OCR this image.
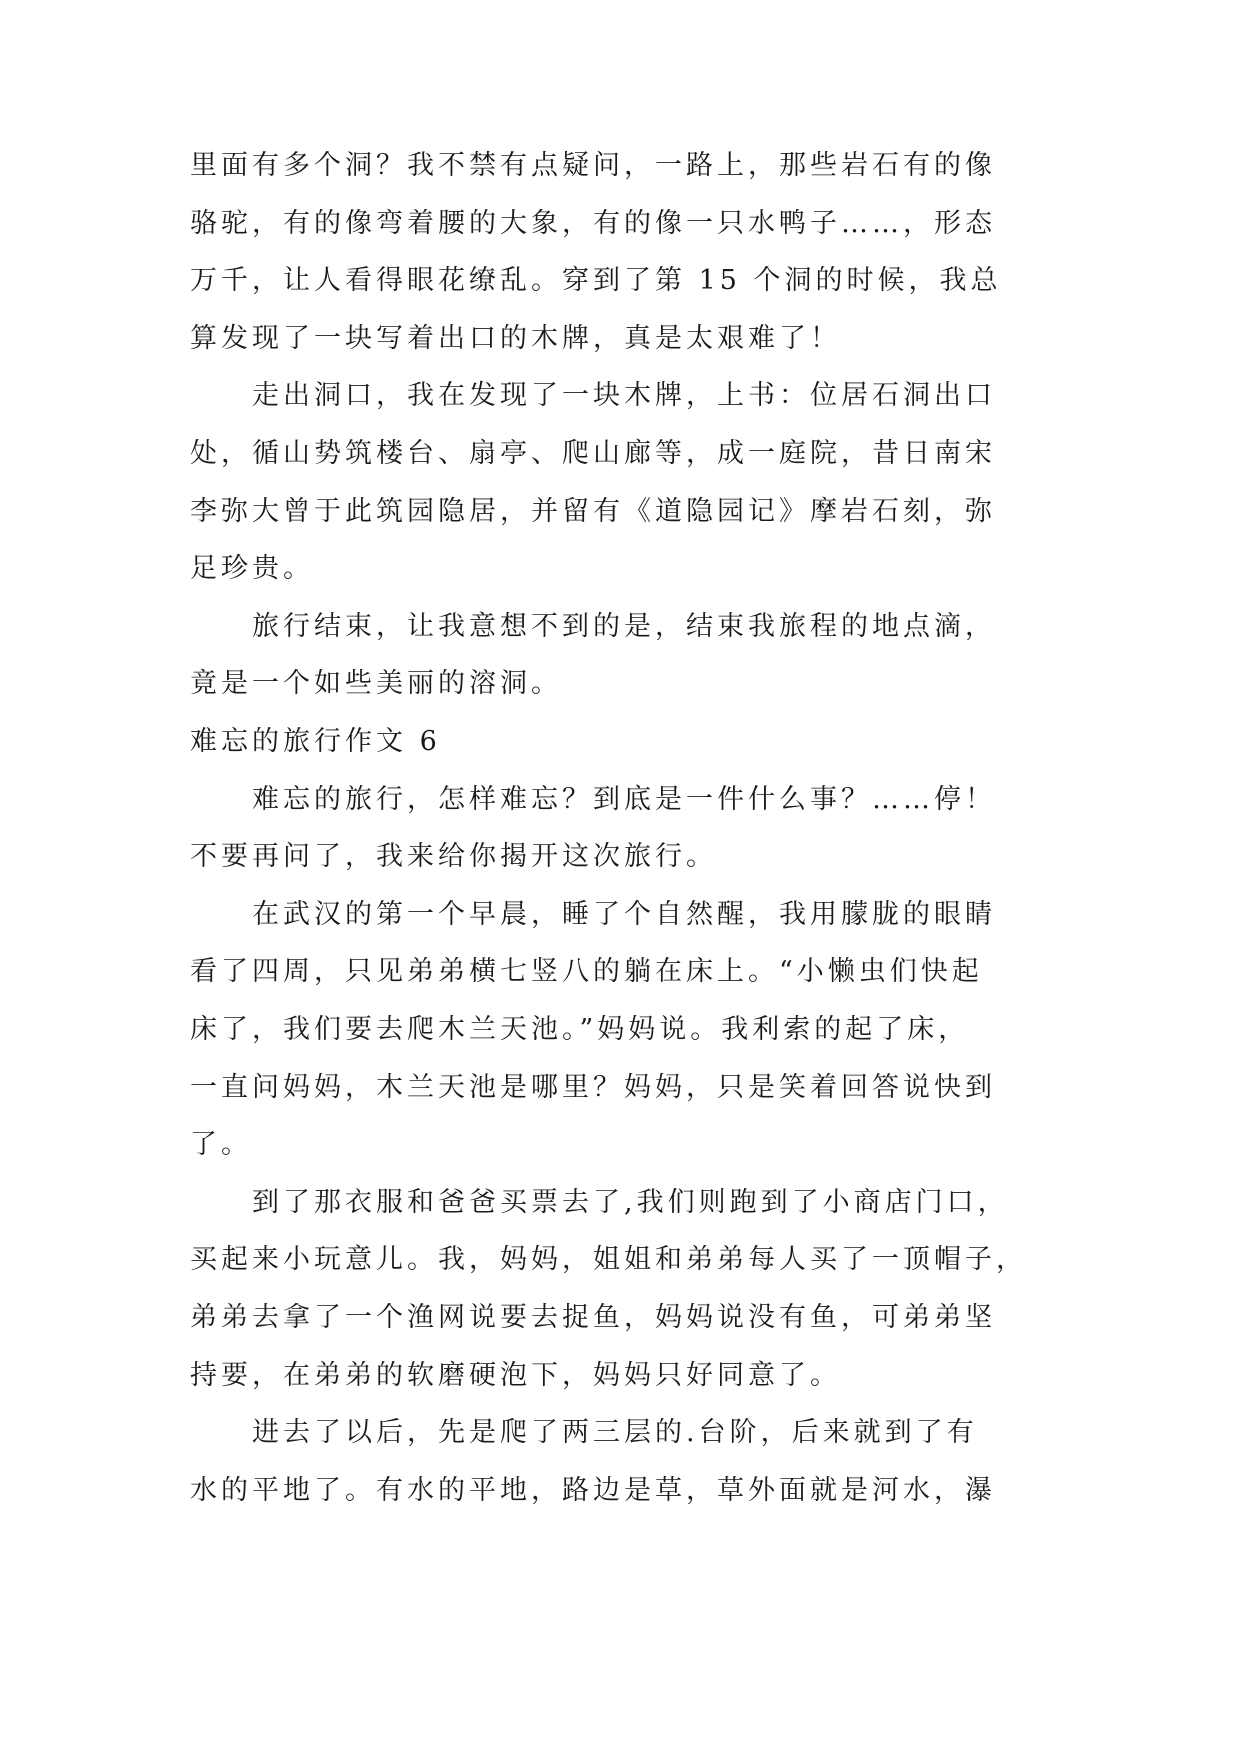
里面有多个洞？我不禁有点疑问，一路上，那些岩石有的像
骆驼，有的像弯着腰的大象，有的像一只水鸭子……，形态
万千，让人看得眼花缭乱。穿到了第 15 个洞的时候，我总
算发现了一块写着出口的木牌，真是太艰难了！
走出洞口，我在发现了一块木牌，上书：位居石洞出口
处，循山势筑楼台、扇亭、爬山廊等，成一庭院，昔日南宋
李弥大曾于此筑园隐居，并留有《道隐园记》摩岩石刻，弥
足珍贵。
旅行结束，让我意想不到的是，结束我旅程的地点滴，
竟是一个如些美丽的溶洞。
难忘的旅行作文 6
难忘的旅行，怎样难忘？到底是一件什么事？……停！
不要再问了，我来给你揭开这次旅行。
在武汉的第一个早晨，睡了个自然醒，我用朦胧的眼睛
看了四周，只见弟弟横七竖八的躺在床上。“小懒虫们快起
床了，我们要去爬木兰天池。”妈妈说。我利索的起了床，
一直问妈妈，木兰天池是哪里？妈妈，只是笑着回答说快到
了。
到了那衣服和爸爸买票去了,我们则跑到了小商店门口，
买起来小玩意儿。我，妈妈，姐姐和弟弟每人买了一顶帽子，
弟弟去拿了一个渔网说要去捉鱼，妈妈说没有鱼，可弟弟坚
持要，在弟弟的软磨硬泡下，妈妈只好同意了。
进去了以后，先是爬了两三层的.台阶，后来就到了有
水的平地了。有水的平地，路边是草，草外面就是河水，瀑
